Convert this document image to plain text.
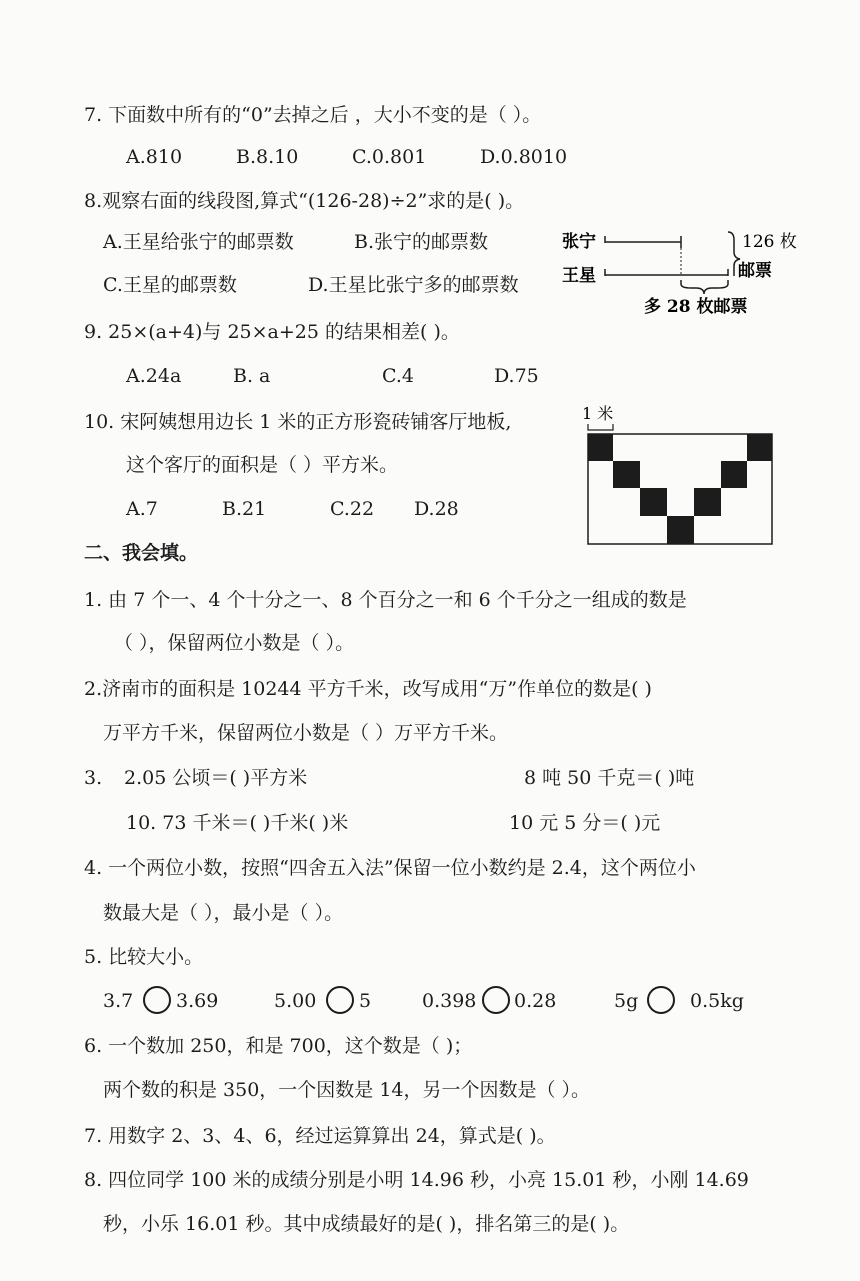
7. 下面数中所有的“0”去掉之后 ，大小不变的是（ ）。
A.810	B.8.10	C.0.801	D.0.8010
8.观察右面的线段图,算式“(126-28)÷2”求的是( )。
A.王星给张宁的邮票数	B.张宁的邮票数
C.王星的邮票数	D.王星比张宁多的邮票数
张宁
王星
126 枚
邮票
多 28 枚邮票
9. 25×(a+4)与 25×a+25 的结果相差( )。
A.24a	B. a	C.4	D.75
10. 宋阿姨想用边长 1 米的正方形瓷砖铺客厅地板,
这个客厅的面积是（ ）平方米。
A.7	B.21	C.22 D.28
1 米
二、我会填。
1. 由 7 个一、4 个十分之一、8 个百分之一和 6 个千分之一组成的数是
（ ），保留两位小数是（ ）。
2.济南市的面积是 10244 平方千米，改写成用“万”作单位的数是( )
万平方千米，保留两位小数是（ ）万平方千米。
3. 2.05 公顷＝( )平方米	8 吨 50 千克＝( )吨
10. 73 千米＝( )千米( )米	10 元 5 分＝( )元
4. 一个两位小数，按照“四舍五入法”保留一位小数约是 2.4，这个两位小
数最大是（ ），最小是（ ）。
5. 比较大小。
3.7 3.69	5.00 5	0.398 0.28	5g	0.5kg
6. 一个数加 250，和是 700，这个数是（ )；
两个数的积是 350，一个因数是 14，另一个因数是（ ）。
7. 用数字 2、3、4、6，经过运算算出 24，算式是( )。
8. 四位同学 100 米的成绩分别是小明 14.96 秒，小亮 15.01 秒，小刚 14.69
秒，小乐 16.01 秒。其中成绩最好的是( )，排名第三的是( )。
